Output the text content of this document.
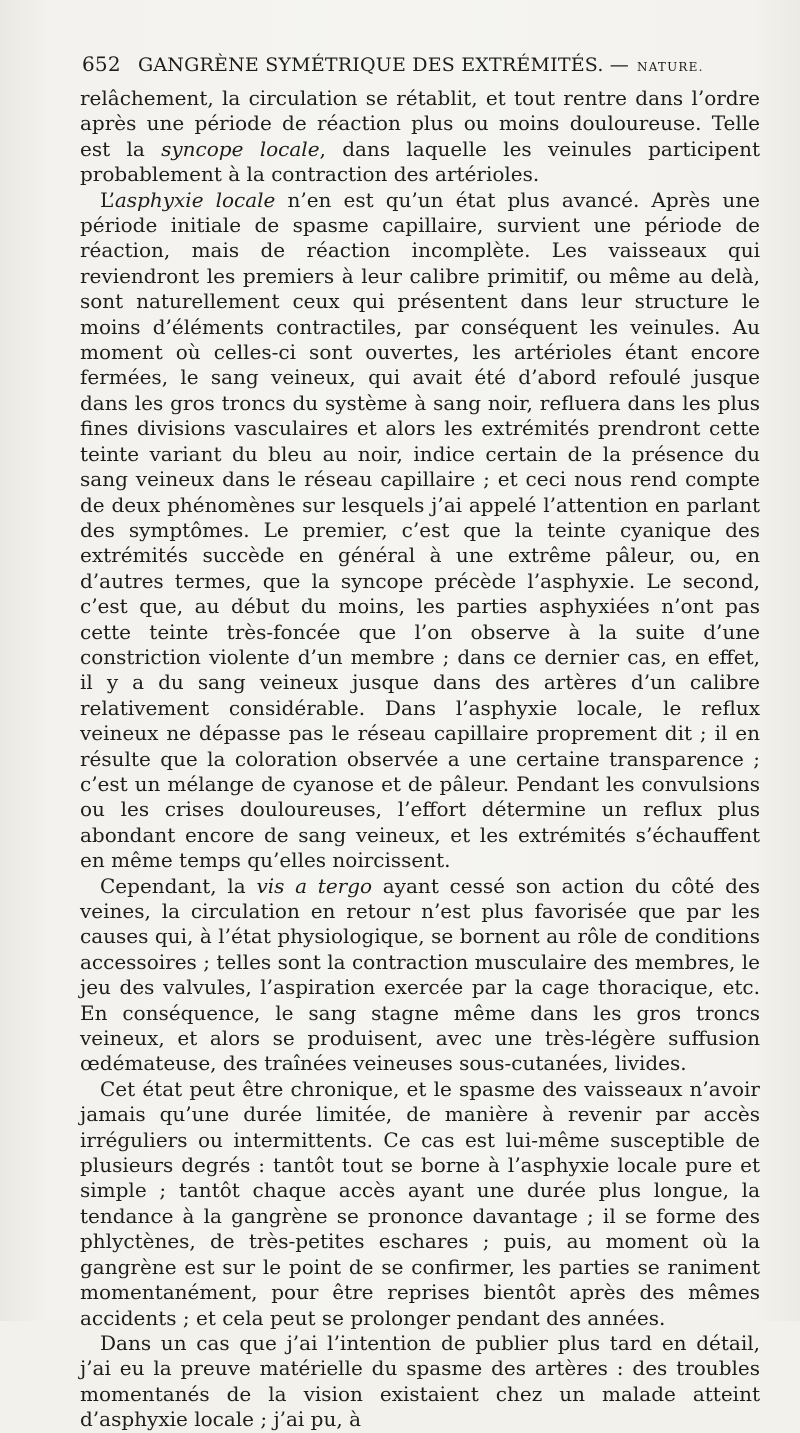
652 GANGRÈNE SYMÉTRIQUE DES EXTRÉMITÉS. — NATURE.

relâchement, la circulation se rétablit, et tout rentre dans l’ordre après une période de réaction plus ou moins douloureuse. Telle est la syncope locale, dans laquelle les veinules participent probablement à la contraction des artérioles.

L’asphyxie locale n’en est qu’un état plus avancé. Après une période initiale de spasme capillaire, survient une période de réaction, mais de réaction incomplète. Les vaisseaux qui reviendront les premiers à leur calibre primitif, ou même au delà, sont naturellement ceux qui présentent dans leur structure le moins d’éléments contractiles, par conséquent les veinules. Au moment où celles-ci sont ouvertes, les artérioles étant encore fermées, le sang veineux, qui avait été d’abord refoulé jusque dans les gros troncs du système à sang noir, refluera dans les plus fines divisions vasculaires et alors les extrémités prendront cette teinte variant du bleu au noir, indice certain de la présence du sang veineux dans le réseau capillaire ; et ceci nous rend compte de deux phénomènes sur lesquels j’ai appelé l’attention en parlant des symptômes. Le premier, c’est que la teinte cyanique des extrémités succède en général à une extrême pâleur, ou, en d’autres termes, que la syncope précède l’asphyxie. Le second, c’est que, au début du moins, les parties asphyxiées n’ont pas cette teinte très-foncée que l’on observe à la suite d’une constriction violente d’un membre ; dans ce dernier cas, en effet, il y a du sang veineux jusque dans des artères d’un calibre relativement considérable. Dans l’asphyxie locale, le reflux veineux ne dépasse pas le réseau capillaire proprement dit ; il en résulte que la coloration observée a une certaine transparence ; c’est un mélange de cyanose et de pâleur. Pendant les convulsions ou les crises douloureuses, l’effort détermine un reflux plus abondant encore de sang veineux, et les extrémités s’échauffent en même temps qu’elles noircissent.

Cependant, la vis a tergo ayant cessé son action du côté des veines, la circulation en retour n’est plus favorisée que par les causes qui, à l’état physiologique, se bornent au rôle de conditions accessoires ; telles sont la contraction musculaire des membres, le jeu des valvules, l’aspiration exercée par la cage thoracique, etc. En conséquence, le sang stagne même dans les gros troncs veineux, et alors se produisent, avec une très-légère suffusion œdémateuse, des traînées veineuses sous-cutanées, livides.

Cet état peut être chronique, et le spasme des vaisseaux n’avoir jamais qu’une durée limitée, de manière à revenir par accès irréguliers ou intermittents. Ce cas est lui-même susceptible de plusieurs degrés : tantôt tout se borne à l’asphyxie locale pure et simple ; tantôt chaque accès ayant une durée plus longue, la tendance à la gangrène se prononce davantage ; il se forme des phlyctènes, de très-petites eschares ; puis, au moment où la gangrène est sur le point de se confirmer, les parties se raniment momentanément, pour être reprises bientôt après des mêmes accidents ; et cela peut se prolonger pendant des années.

Dans un cas que j’ai l’intention de publier plus tard en détail, j’ai eu la preuve matérielle du spasme des artères : des troubles momentanés de la vision existaient chez un malade atteint d’asphyxie locale ; j’ai pu, à
